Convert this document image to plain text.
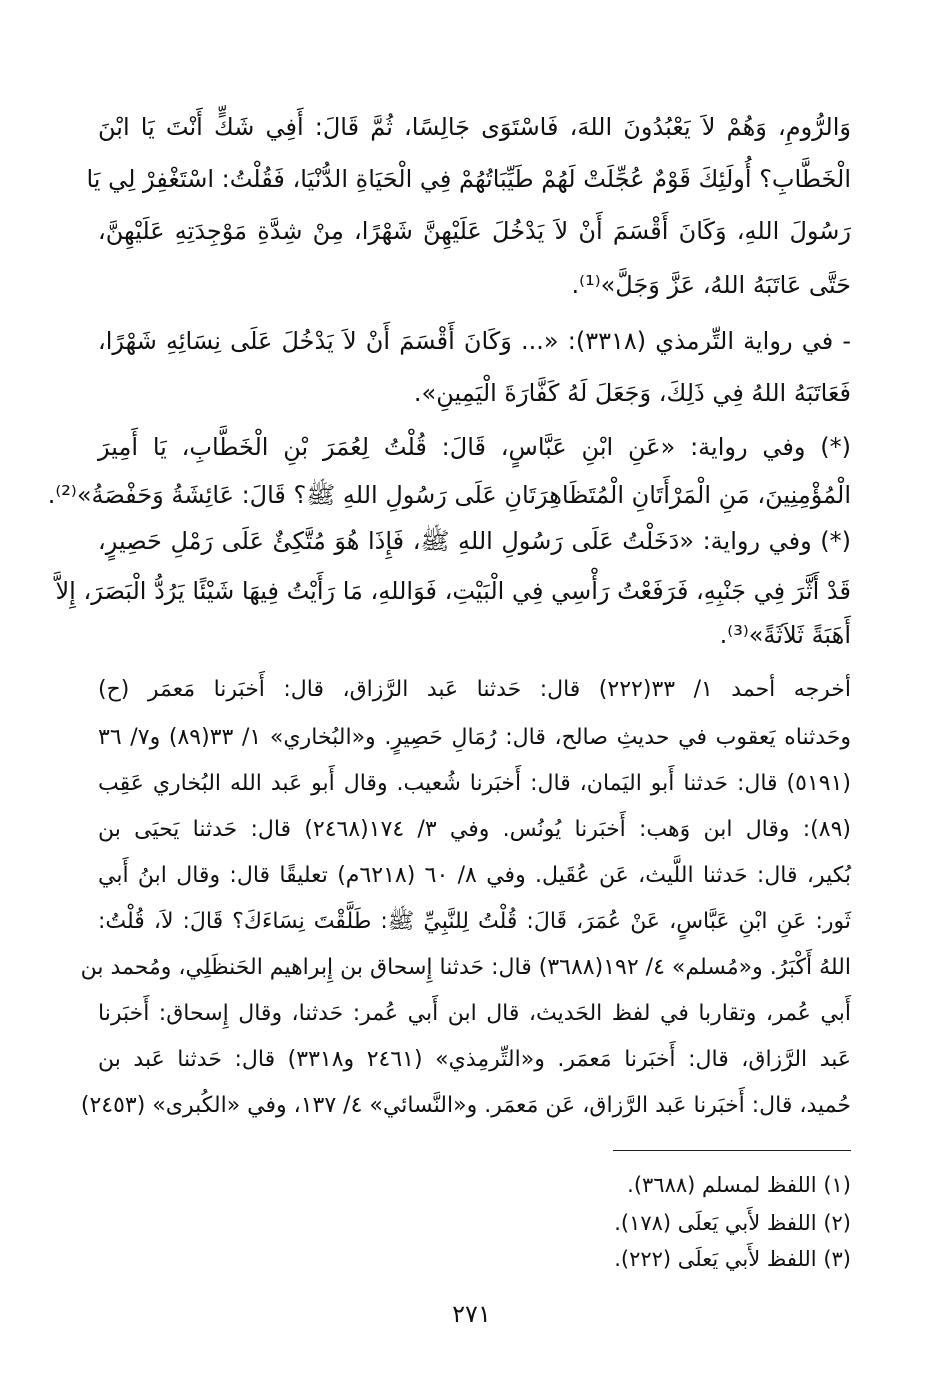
وَالرُّومِ، وَهُمْ لاَ يَعْبُدُونَ اللهَ، فَاسْتَوَى جَالِسًا، ثُمَّ قَالَ: أَفِي شَكٍّ أَنْتَ يَا ابْنَ
الْخَطَّابِ؟ أُولَئِكَ قَوْمٌ عُجِّلَتْ لَهُمْ طَيِّبَاتُهُمْ فِي الْحَيَاةِ الدُّنْيَا، فَقُلْتُ: اسْتَغْفِرْ لِي يَا
رَسُولَ اللهِ، وَكَانَ أَقْسَمَ أَنْ لاَ يَدْخُلَ عَلَيْهِنَّ شَهْرًا، مِنْ شِدَّةِ مَوْجِدَتِهِ عَلَيْهِنَّ،
حَتَّى عَاتَبَهُ اللهُ، عَزَّ وَجَلَّ»⁽¹⁾.
- في رواية التِّرمذي (٣٣١٨): «... وَكَانَ أَقْسَمَ أَنْ لاَ يَدْخُلَ عَلَى نِسَائِهِ شَهْرًا،
فَعَاتَبَهُ اللهُ فِي ذَلِكَ، وَجَعَلَ لَهُ كَفَّارَةَ الْيَمِينِ».
(*) وفي رواية: «عَنِ ابْنِ عَبَّاسٍ، قَالَ: قُلْتُ لِعُمَرَ بْنِ الْخَطَّابِ، يَا أَمِيرَ
الْمُؤْمِنِينَ، مَنِ الْمَرْأَتَانِ الْمُتَظَاهِرَتَانِ عَلَى رَسُولِ اللهِ ﷺ؟ قَالَ: عَائِشَةُ وَحَفْصَةُ»⁽²⁾.
(*) وفي رواية: «دَخَلْتُ عَلَى رَسُولِ اللهِ ﷺ، فَإِذَا هُوَ مُتَّكِئٌ عَلَى رَمْلِ حَصِيرٍ،
قَدْ أَثَّرَ فِي جَنْبِهِ، فَرَفَعْتُ رَأْسِي فِي الْبَيْتِ، فَوَاللهِ، مَا رَأَيْتُ فِيهَا شَيْئًا يَرُدُّ الْبَصَرَ، إِلاَّ
أَهَبَةً ثَلاَثَةً»⁽³⁾.
أخرجه أحمد ١/ ٣٣(٢٢٢) قال: حَدثنا عَبد الرَّزاق، قال: أَخبَرنا مَعمَر (ح)
وحَدثناه يَعقوب في حديثِ صالح، قال: رُمَالِ حَصِيرٍ. و«البُخاري» ١/ ٣٣(٨٩) و٧/ ٣٦
(٥١٩١) قال: حَدثنا أَبو اليَمان، قال: أَخبَرنا شُعيب. وقال أَبو عَبد الله البُخاري عَقِب
(٨٩): وقال ابن وَهب: أَخبَرنا يُونُس. وفي ٣/ ١٧٤(٢٤٦٨) قال: حَدثنا يَحيَى بن
بُكير، قال: حَدثنا اللَّيث، عَن عُقَيل. وفي ٨/ ٦٠ (٦٢١٨م) تعليقًا قال: وقال ابنُ أَبي
ثَور: عَنِ ابْنِ عَبَّاسٍ، عَنْ عُمَرَ، قَالَ: قُلْتُ لِلنَّبِيِّ ﷺ: طَلَّقْتَ نِسَاءَكَ؟ قَالَ: لاَ، قُلْتُ:
اللهُ أَكْبَرُ. و«مُسلم» ٤/ ١٩٢(٣٦٨٨) قال: حَدثنا إِسحاق بن إِبراهيم الحَنظَلِي، ومُحمد بن
أَبي عُمر، وتقاربا في لفظ الحَديث، قال ابن أَبي عُمر: حَدثنا، وقال إِسحاق: أَخبَرنا
عَبد الرَّزاق، قال: أَخبَرنا مَعمَر. و«التِّرمِذي» (٢٤٦١ و٣٣١٨) قال: حَدثنا عَبد بن
حُميد، قال: أَخبَرنا عَبد الرَّزاق، عَن مَعمَر. و«النَّسائي» ٤/ ١٣٧، وفي «الكُبرى» (٢٤٥٣)
(١) اللفظ لمسلم (٣٦٨٨).
(٢) اللفظ لأَبي يَعلَى (١٧٨).
(٣) اللفظ لأَبي يَعلَى (٢٢٢).
٢٧١
